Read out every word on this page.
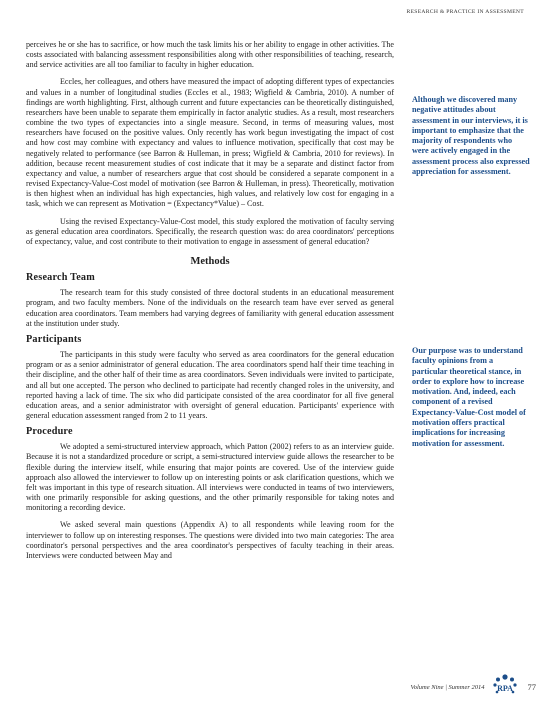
RESEARCH & PRACTICE IN ASSESSMENT

perceives he or she has to sacrifice, or how much the task limits his or her ability to engage in other activities. The costs associated with balancing assessment responsibilities along with other responsibilities of teaching, research, and service activities are all too familiar to faculty in higher education.

Eccles, her colleagues, and others have measured the impact of adopting different types of expectancies and values in a number of longitudinal studies (Eccles et al., 1983; Wigfield & Cambria, 2010). A number of findings are worth highlighting. First, although current and future expectancies can be theoretically distinguished, researchers have been unable to separate them empirically in factor analytic studies. As a result, most researchers combine the two types of expectancies into a single measure. Second, in terms of measuring values, most researchers have focused on the positive values. Only recently has work begun investigating the impact of cost and how cost may combine with expectancy and values to influence motivation, specifically that cost may be negatively related to performance (see Barron & Hulleman, in press; Wigfield & Cambria, 2010 for reviews). In addition, because recent measurement studies of cost indicate that it may be a separate and distinct factor from expectancy and value, a number of researchers argue that cost should be considered a separate component in a revised Expectancy-Value-Cost model of motivation (see Barron & Hulleman, in press). Theoretically, motivation is then highest when an individual has high expectancies, high values, and relatively low cost for engaging in a task, which we can represent as Motivation = (Expectancy*Value) – Cost.

Using the revised Expectancy-Value-Cost model, this study explored the motivation of faculty serving as general education area coordinators. Specifically, the research question was: do area coordinators' perceptions of expectancy, value, and cost contribute to their motivation to engage in assessment of general education?

Methods
Research Team

The research team for this study consisted of three doctoral students in an educational measurement program, and two faculty members. None of the individuals on the research team have ever served as general education area coordinators. Team members had varying degrees of familiarity with general education assessment at the institution under study.

Participants

The participants in this study were faculty who served as area coordinators for the general education program or as a senior administrator of general education. The area coordinators spend half their time teaching in their discipline, and the other half of their time as area coordinators. Seven individuals were invited to participate, and all but one accepted. The person who declined to participate had recently changed roles in the university, and reported having a lack of time. The six who did participate consisted of the area coordinator for all five general education areas, and a senior administrator with oversight of general education. Participants' experience with general education assessment ranged from 2 to 11 years.

Procedure

We adopted a semi-structured interview approach, which Patton (2002) refers to as an interview guide. Because it is not a standardized procedure or script, a semi-structured interview guide allows the researcher to be flexible during the interview itself, while ensuring that major points are covered. Use of the interview guide approach also allowed the interviewer to follow up on interesting points or ask clarification questions, which we felt was important in this type of research situation. All interviews were conducted in teams of two interviewers, with one primarily responsible for asking questions, and the other primarily responsible for taking notes and monitoring a recording device.

We asked several main questions (Appendix A) to all respondents while leaving room for the interviewer to follow up on interesting responses. The questions were divided into two main categories: The area coordinator's personal perspectives and the area coordinator's perspectives of faculty teaching in their areas. Interviews were conducted between May and

Although we discovered many negative attitudes about assessment in our interviews, it is important to emphasize that the majority of respondents who were actively engaged in the assessment process also expressed appreciation for assessment.
Our purpose was to understand faculty opinions from a particular theoretical stance, in order to explore how to increase motivation. And, indeed, each component of a revised Expectancy-Value-Cost model of motivation offers practical implications for increasing motivation for assessment.
Volume Nine | Summer 2014 RPA 77
